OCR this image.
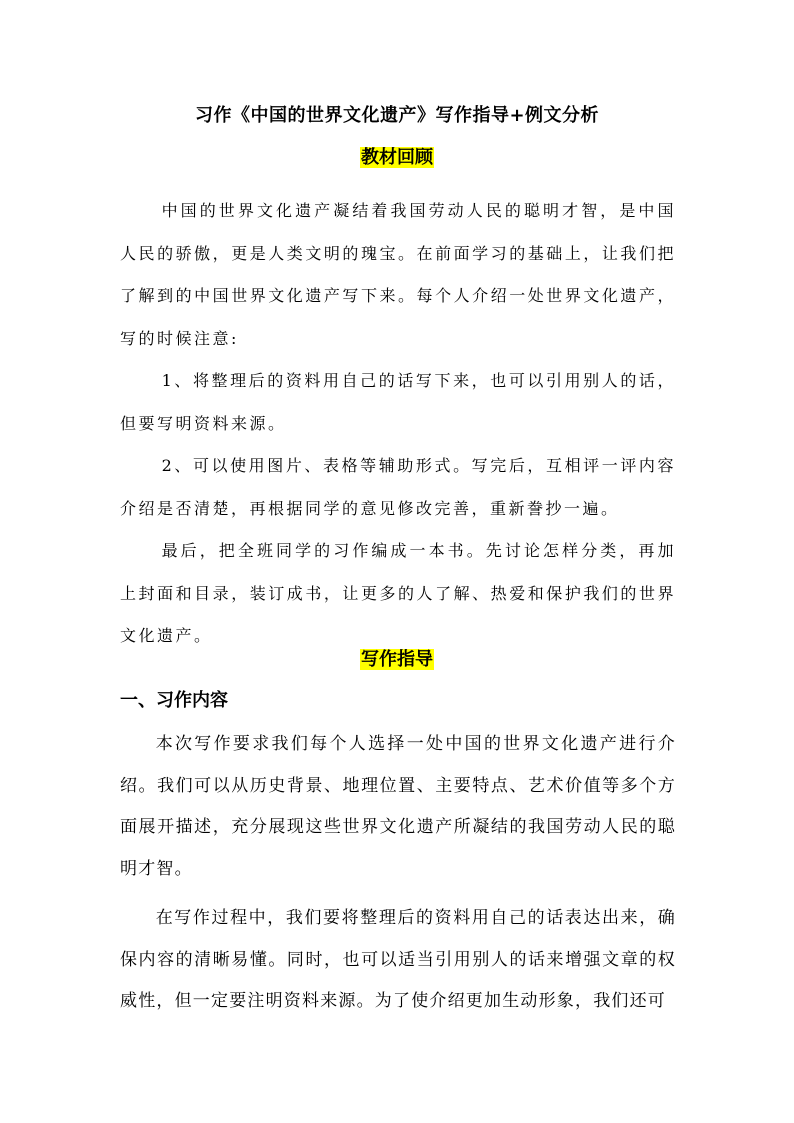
习作《中国的世界文化遗产》写作指导+例文分析
教材回顾

中国的世界文化遗产凝结着我国劳动人民的聪明才智，是中国人民的骄傲，更是人类文明的瑰宝。在前面学习的基础上，让我们把了解到的中国世界文化遗产写下来。每个人介绍一处世界文化遗产，写的时候注意:

1、将整理后的资料用自己的话写下来，也可以引用别人的话，但要写明资料来源。

2、可以使用图片、表格等辅助形式。写完后，互相评一评内容介绍是否清楚，再根据同学的意见修改完善，重新誊抄一遍。

最后，把全班同学的习作编成一本书。先讨论怎样分类，再加上封面和目录，装订成书，让更多的人了解、热爱和保护我们的世界文化遗产。

写作指导
一、习作内容

本次写作要求我们每个人选择一处中国的世界文化遗产进行介绍。我们可以从历史背景、地理位置、主要特点、艺术价值等多个方面展开描述，充分展现这些世界文化遗产所凝结的我国劳动人民的聪明才智。

在写作过程中，我们要将整理后的资料用自己的话表达出来，确保内容的清晰易懂。同时，也可以适当引用别人的话来增强文章的权威性，但一定要注明资料来源。为了使介绍更加生动形象，我们还可
